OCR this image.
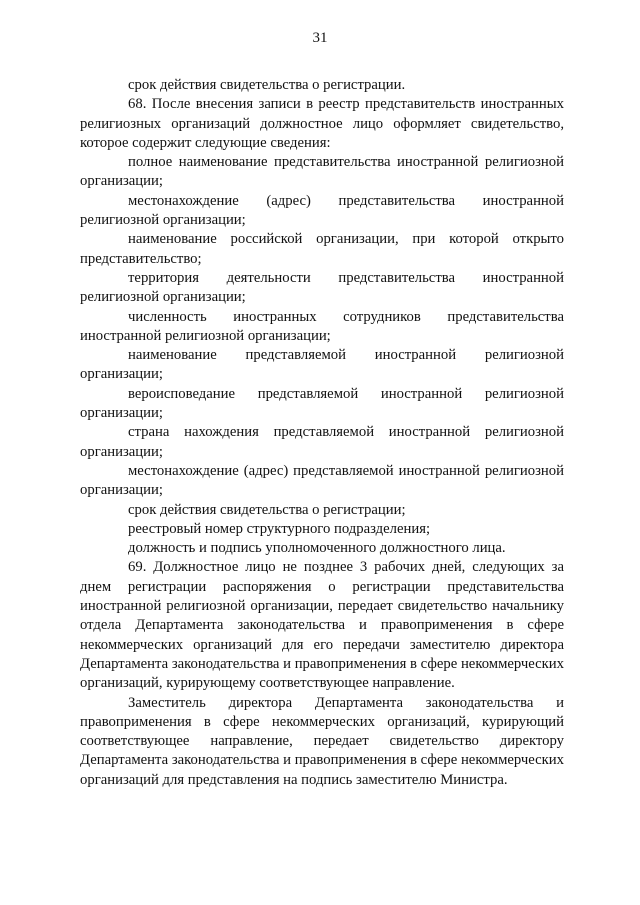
31

срок действия свидетельства о регистрации.

68. После внесения записи в реестр представительств иностранных религиозных организаций должностное лицо оформляет свидетельство, которое содержит следующие сведения:

полное наименование представительства иностранной религиозной организации;

местонахождение (адрес) представительства иностранной религиозной организации;

наименование российской организации, при которой открыто представительство;

территория деятельности представительства иностранной религиозной организации;

численность иностранных сотрудников представительства иностранной религиозной организации;

наименование представляемой иностранной религиозной организации;

вероисповедание представляемой иностранной религиозной организации;

страна нахождения представляемой иностранной религиозной организации;

местонахождение (адрес) представляемой иностранной религиозной организации;

срок действия свидетельства о регистрации;

реестровый номер структурного подразделения;

должность и подпись уполномоченного должностного лица.

69. Должностное лицо не позднее 3 рабочих дней, следующих за днем регистрации распоряжения о регистрации представительства иностранной религиозной организации, передает свидетельство начальнику отдела Департамента законодательства и правоприменения в сфере некоммерческих организаций для его передачи заместителю директора Департамента законодательства и правоприменения в сфере некоммерческих организаций, курирующему соответствующее направление.

Заместитель директора Департамента законодательства и правоприменения в сфере некоммерческих организаций, курирующий соответствующее направление, передает свидетельство директору Департамента законодательства и правоприменения в сфере некоммерческих организаций для представления на подпись заместителю Министра.
